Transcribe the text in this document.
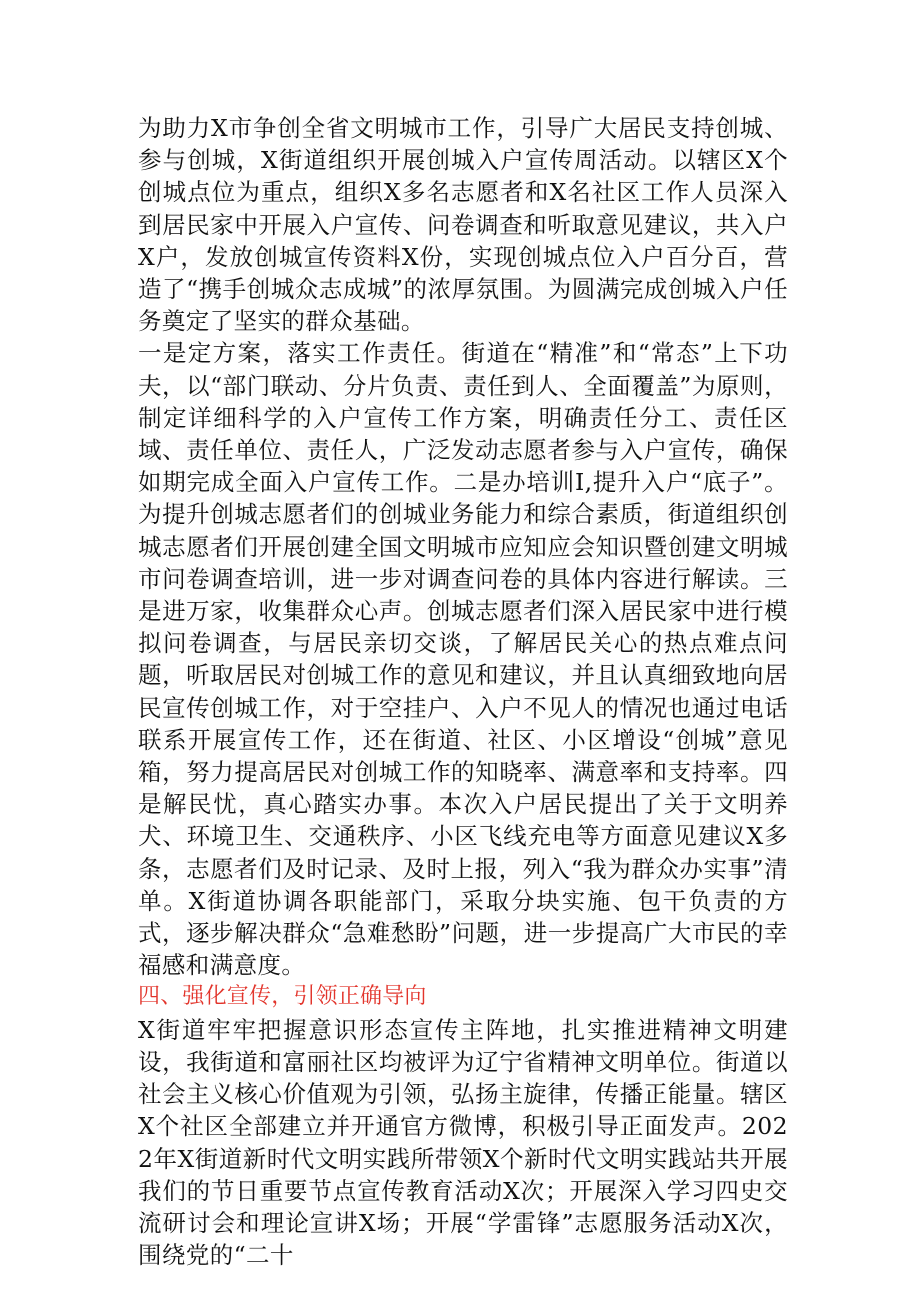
为助力X市争创全省文明城市工作，引导广大居民支持创城、参与创城，X街道组织开展创城入户宣传周活动。以辖区X个创城点位为重点，组织X多名志愿者和X名社区工作人员深入到居民家中开展入户宣传、问卷调查和听取意见建议，共入户X户，发放创城宣传资料X份，实现创城点位入户百分百，营造了“携手创城众志成城”的浓厚氛围。为圆满完成创城入户任务奠定了坚实的群众基础。

一是定方案，落实工作责任。街道在“精准”和“常态”上下功夫，以“部门联动、分片负责、责任到人、全面覆盖”为原则，制定详细科学的入户宣传工作方案，明确责任分工、责任区域、责任单位、责任人，广泛发动志愿者参与入户宣传，确保如期完成全面入户宣传工作。二是办培训I,提升入户“底子”。为提升创城志愿者们的创城业务能力和综合素质，街道组织创城志愿者们开展创建全国文明城市应知应会知识暨创建文明城市问卷调查培训，进一步对调查问卷的具体内容进行解读。三是进万家，收集群众心声。创城志愿者们深入居民家中进行模拟问卷调查，与居民亲切交谈，了解居民关心的热点难点问题，听取居民对创城工作的意见和建议，并且认真细致地向居民宣传创城工作，对于空挂户、入户不见人的情况也通过电话联系开展宣传工作，还在街道、社区、小区增设“创城”意见箱，努力提高居民对创城工作的知晓率、满意率和支持率。四是解民忧，真心踏实办事。本次入户居民提出了关于文明养犬、环境卫生、交通秩序、小区飞线充电等方面意见建议X多条，志愿者们及时记录、及时上报，列入“我为群众办实事”清单。X街道协调各职能部门，采取分块实施、包干负责的方式，逐步解决群众“急难愁盼”问题，进一步提高广大市民的幸福感和满意度。

四、强化宣传，引领正确导向

X街道牢牢把握意识形态宣传主阵地，扎实推进精神文明建设，我街道和富丽社区均被评为辽宁省精神文明单位。街道以社会主义核心价值观为引领，弘扬主旋律，传播正能量。辖区X个社区全部建立并开通官方微博，积极引导正面发声。2022年X街道新时代文明实践所带领X个新时代文明实践站共开展我们的节日重要节点宣传教育活动X次；开展深入学习四史交流研讨会和理论宣讲X场；开展“学雷锋”志愿服务活动X次，围绕党的“二十
